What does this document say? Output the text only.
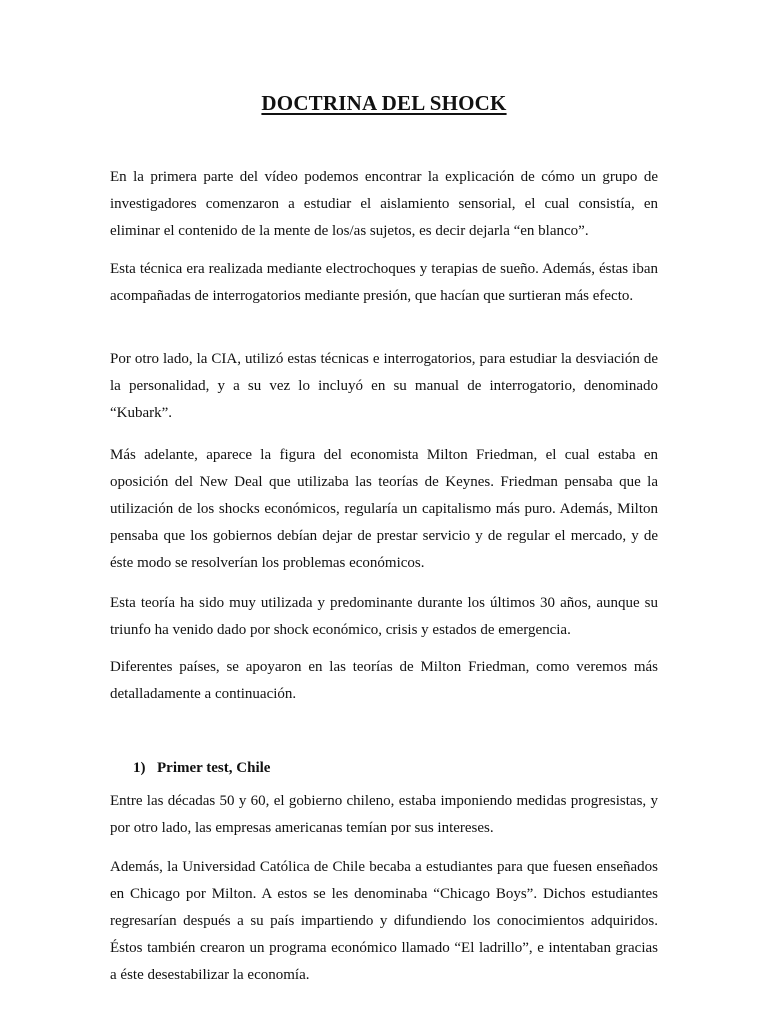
DOCTRINA DEL SHOCK

En la primera parte del vídeo podemos encontrar la explicación de cómo un grupo de investigadores comenzaron a estudiar el aislamiento sensorial, el cual consistía, en eliminar el contenido de la mente de los/as sujetos, es decir dejarla “en blanco”.

Esta técnica era realizada mediante electrochoques y terapias de sueño. Además, éstas iban acompañadas de interrogatorios mediante presión, que hacían que surtieran más efecto.

Por otro lado, la CIA, utilizó estas técnicas e interrogatorios, para estudiar la desviación de la personalidad, y a su vez lo incluyó en su manual de interrogatorio, denominado “Kubark”.

Más adelante, aparece la figura del economista Milton Friedman, el cual estaba en oposición del New Deal que utilizaba las teorías de Keynes. Friedman pensaba que la utilización de los shocks económicos, regularía un capitalismo más puro. Además, Milton pensaba que los gobiernos debían dejar de prestar servicio y de regular el mercado, y de éste modo se resolverían los problemas económicos.

Esta teoría ha sido muy utilizada y predominante durante los últimos 30 años, aunque su triunfo ha venido dado por shock económico, crisis y estados de emergencia.

Diferentes países, se apoyaron en las teorías de Milton Friedman, como veremos más detalladamente a continuación.

1) Primer test, Chile

Entre las décadas 50 y 60, el gobierno chileno, estaba imponiendo medidas progresistas, y por otro lado, las empresas americanas temían por sus intereses.

Además, la Universidad Católica de Chile becaba a estudiantes para que fuesen enseñados en Chicago por Milton. A estos se les denominaba “Chicago Boys”. Dichos estudiantes regresarían después a su país impartiendo y difundiendo los conocimientos adquiridos. Éstos también crearon un programa económico llamado “El ladrillo”, e intentaban gracias a éste desestabilizar la economía.
